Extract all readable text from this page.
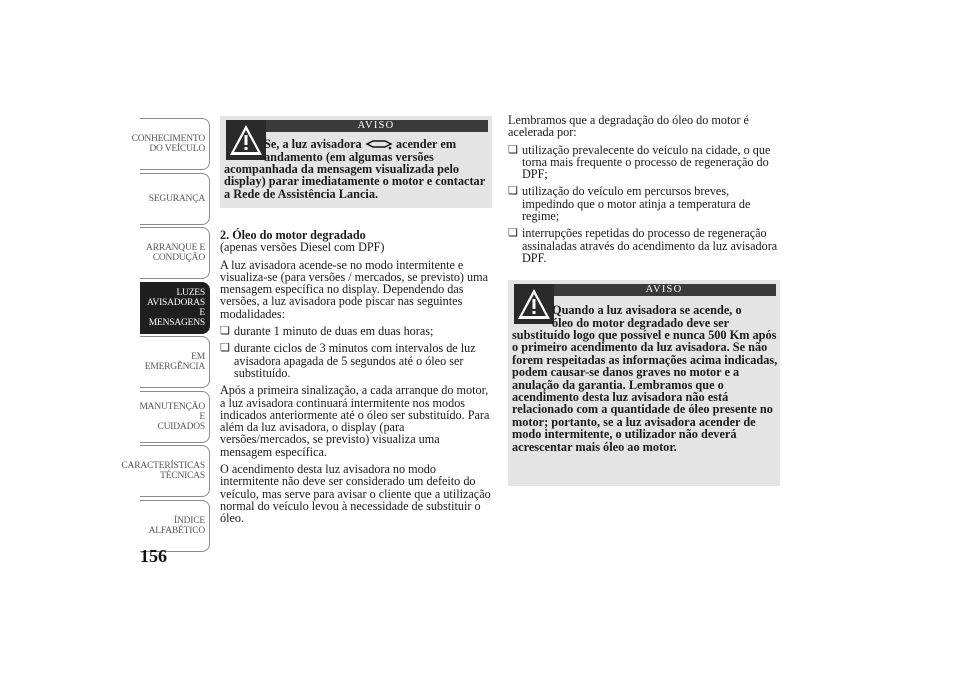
CONHECIMENTO
DO VEÍCULO
SEGURANÇA
ARRANQUE E
CONDUÇÃO
LUZES
AVISADORAS E
MENSAGENS
EM EMERGÊNCIA
MANUTENÇÃO E
CUIDADOS
CARACTERÍSTICAS
TÉCNICAS
ÍNDICE
ALFABÉTICO
156
AVISO

Se, a luz avisadora	acender em

andamento (em algumas versões

acompanhada da mensagem visualizada pelo display) parar imediatamente o motor e contactar a Rede de Assistência Lancia.

2. Óleo do motor degradado

(apenas versões Diesel com DPF)

A luz avisadora acende-se no modo intermitente e visualiza-se (para versões / mercados, se previsto) uma mensagem específica no display. Dependendo das versões, a luz avisadora pode piscar nas seguintes modalidades:

❏ durante 1 minuto de duas em duas horas;
❏ durante ciclos de 3 minutos com intervalos de luz avisadora apagada de 5 segundos até o óleo ser substituído.

Após a primeira sinalização, a cada arranque do motor, a luz avisadora continuará intermitente nos modos indicados anteriormente até o óleo ser substituído. Para além da luz avisadora, o display (para versões/mercados, se previsto) visualiza uma mensagem específica.

O acendimento desta luz avisadora no modo intermitente não deve ser considerado um defeito do veículo, mas serve para avisar o cliente que a utilização normal do veículo levou à necessidade de substituir o óleo.

Lembramos que a degradação do óleo do motor é acelerada por:

❏ utilização prevalecente do veículo na cidade, o que torna mais frequente o processo de regeneração do DPF;
❏ utilização do veículo em percursos breves, impedindo que o motor atinja a temperatura de regime;
❏ interrupções repetidas do processo de regeneração assinaladas através do acendimento da luz avisadora DPF.
AVISO

Quando a luz avisadora se acende, o

óleo do motor degradado deve ser

substituído logo que possível e nunca 500 Km após o primeiro acendimento da luz avisadora. Se não forem respeitadas as informações acima indicadas, podem causar-se danos graves no motor e a anulação da garantia. Lembramos que o acendimento desta luz avisadora não está relacionado com a quantidade de óleo presente no motor; portanto, se a luz avisadora acender de modo intermitente, o utilizador não deverá acrescentar mais óleo ao motor.
